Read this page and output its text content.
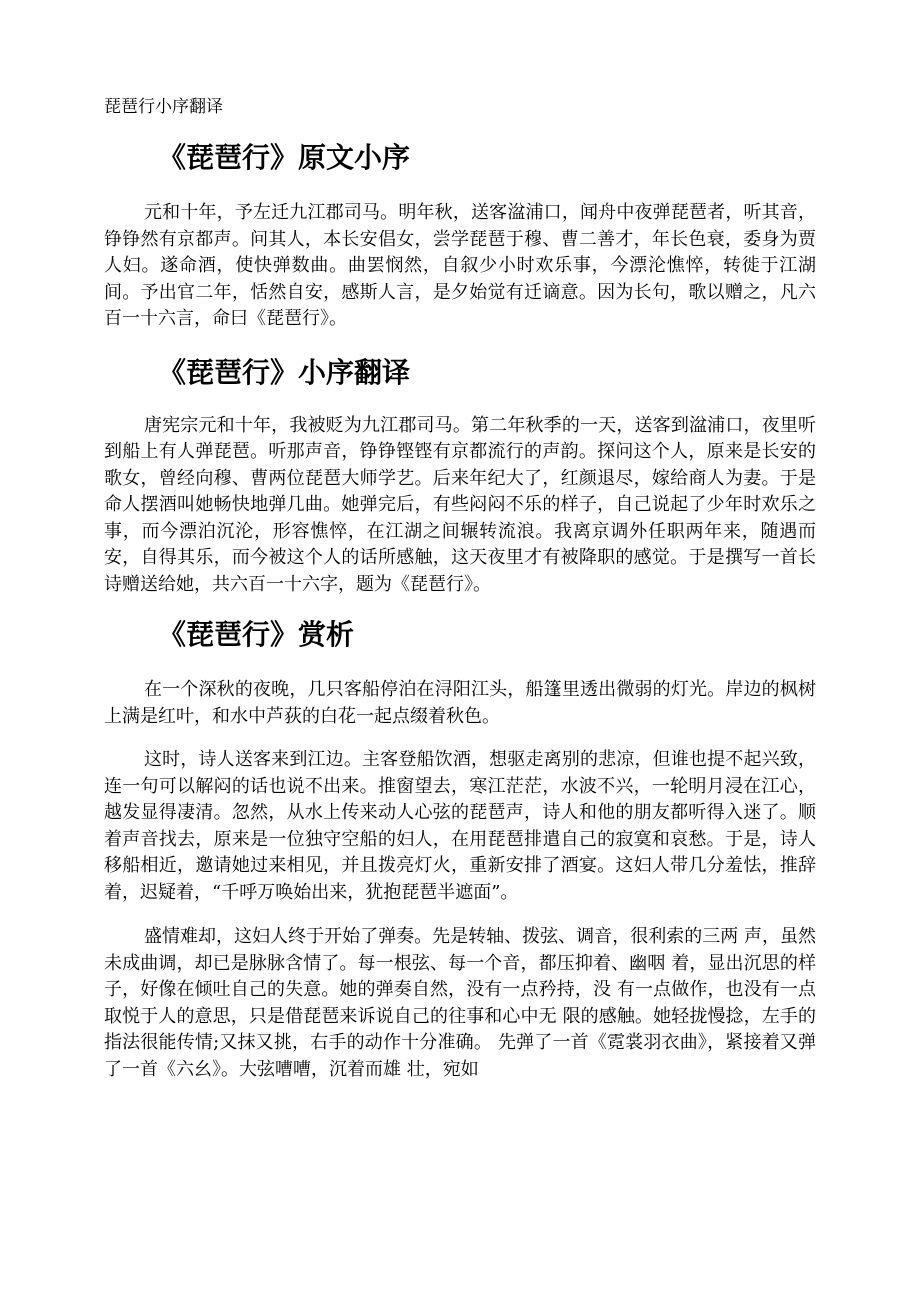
琵琶行小序翻译

《琵琶行》原文小序

元和十年，予左迁九江郡司马。明年秋，送客湓浦口，闻舟中夜弹琵琶者，听其音，铮铮然有京都声。问其人，本长安倡女，尝学琵琶于穆、曹二善才，年长色衰，委身为贾人妇。遂命酒，使快弹数曲。曲罢悯然，自叙少小时欢乐事，今漂沦憔悴，转徙于江湖间。予出官二年，恬然自安，感斯人言，是夕始觉有迁谪意。因为长句，歌以赠之，凡六百一十六言，命曰《琵琶行》。

《琵琶行》小序翻译

唐宪宗元和十年，我被贬为九江郡司马。第二年秋季的一天，送客到湓浦口，夜里听到船上有人弹琵琶。听那声音，铮铮铿铿有京都流行的声韵。探问这个人，原来是长安的歌女，曾经向穆、曹两位琵琶大师学艺。后来年纪大了，红颜退尽，嫁给商人为妻。于是命人摆酒叫她畅快地弹几曲。她弹完后，有些闷闷不乐的样子，自己说起了少年时欢乐之事，而今漂泊沉沦，形容憔悴，在江湖之间辗转流浪。我离京调外任职两年来，随遇而安，自得其乐，而今被这个人的话所感触，这天夜里才有被降职的感觉。于是撰写一首长诗赠送给她，共六百一十六字，题为《琵琶行》。

《琵琶行》赏析

在一个深秋的夜晚，几只客船停泊在浔阳江头，船篷里透出微弱的灯光。岸边的枫树上满是红叶，和水中芦荻的白花一起点缀着秋色。

这时，诗人送客来到江边。主客登船饮酒，想驱走离别的悲凉，但谁也提不起兴致，连一句可以解闷的话也说不出来。推窗望去，寒江茫茫，水波不兴，一轮明月浸在江心，越发显得凄清。忽然，从水上传来动人心弦的琵琶声，诗人和他的朋友都听得入迷了。顺着声音找去，原来是一位独守空船的妇人，在用琵琶排遣自己的寂寞和哀愁。于是，诗人移船相近，邀请她过来相见，并且拨亮灯火，重新安排了酒宴。这妇人带几分羞怯，推辞着，迟疑着，“千呼万唤始出来，犹抱琵琶半遮面”。

盛情难却，这妇人终于开始了弹奏。先是转轴、拨弦、调音，很利索的三两 声，虽然未成曲调，却已是脉脉含情了。每一根弦、每一个音，都压抑着、幽咽 着，显出沉思的样子，好像在倾吐自己的失意。她的弹奏自然，没有一点矜持，没 有一点做作，也没有一点取悦于人的意思，只是借琵琶来诉说自己的往事和心中无 限的感触。她轻拢慢捻，左手的指法很能传情;又抹又挑，右手的动作十分准确。 先弹了一首《霓裳羽衣曲》，紧接着又弹了一首《六幺》。大弦嘈嘈，沉着而雄 壮，宛如
